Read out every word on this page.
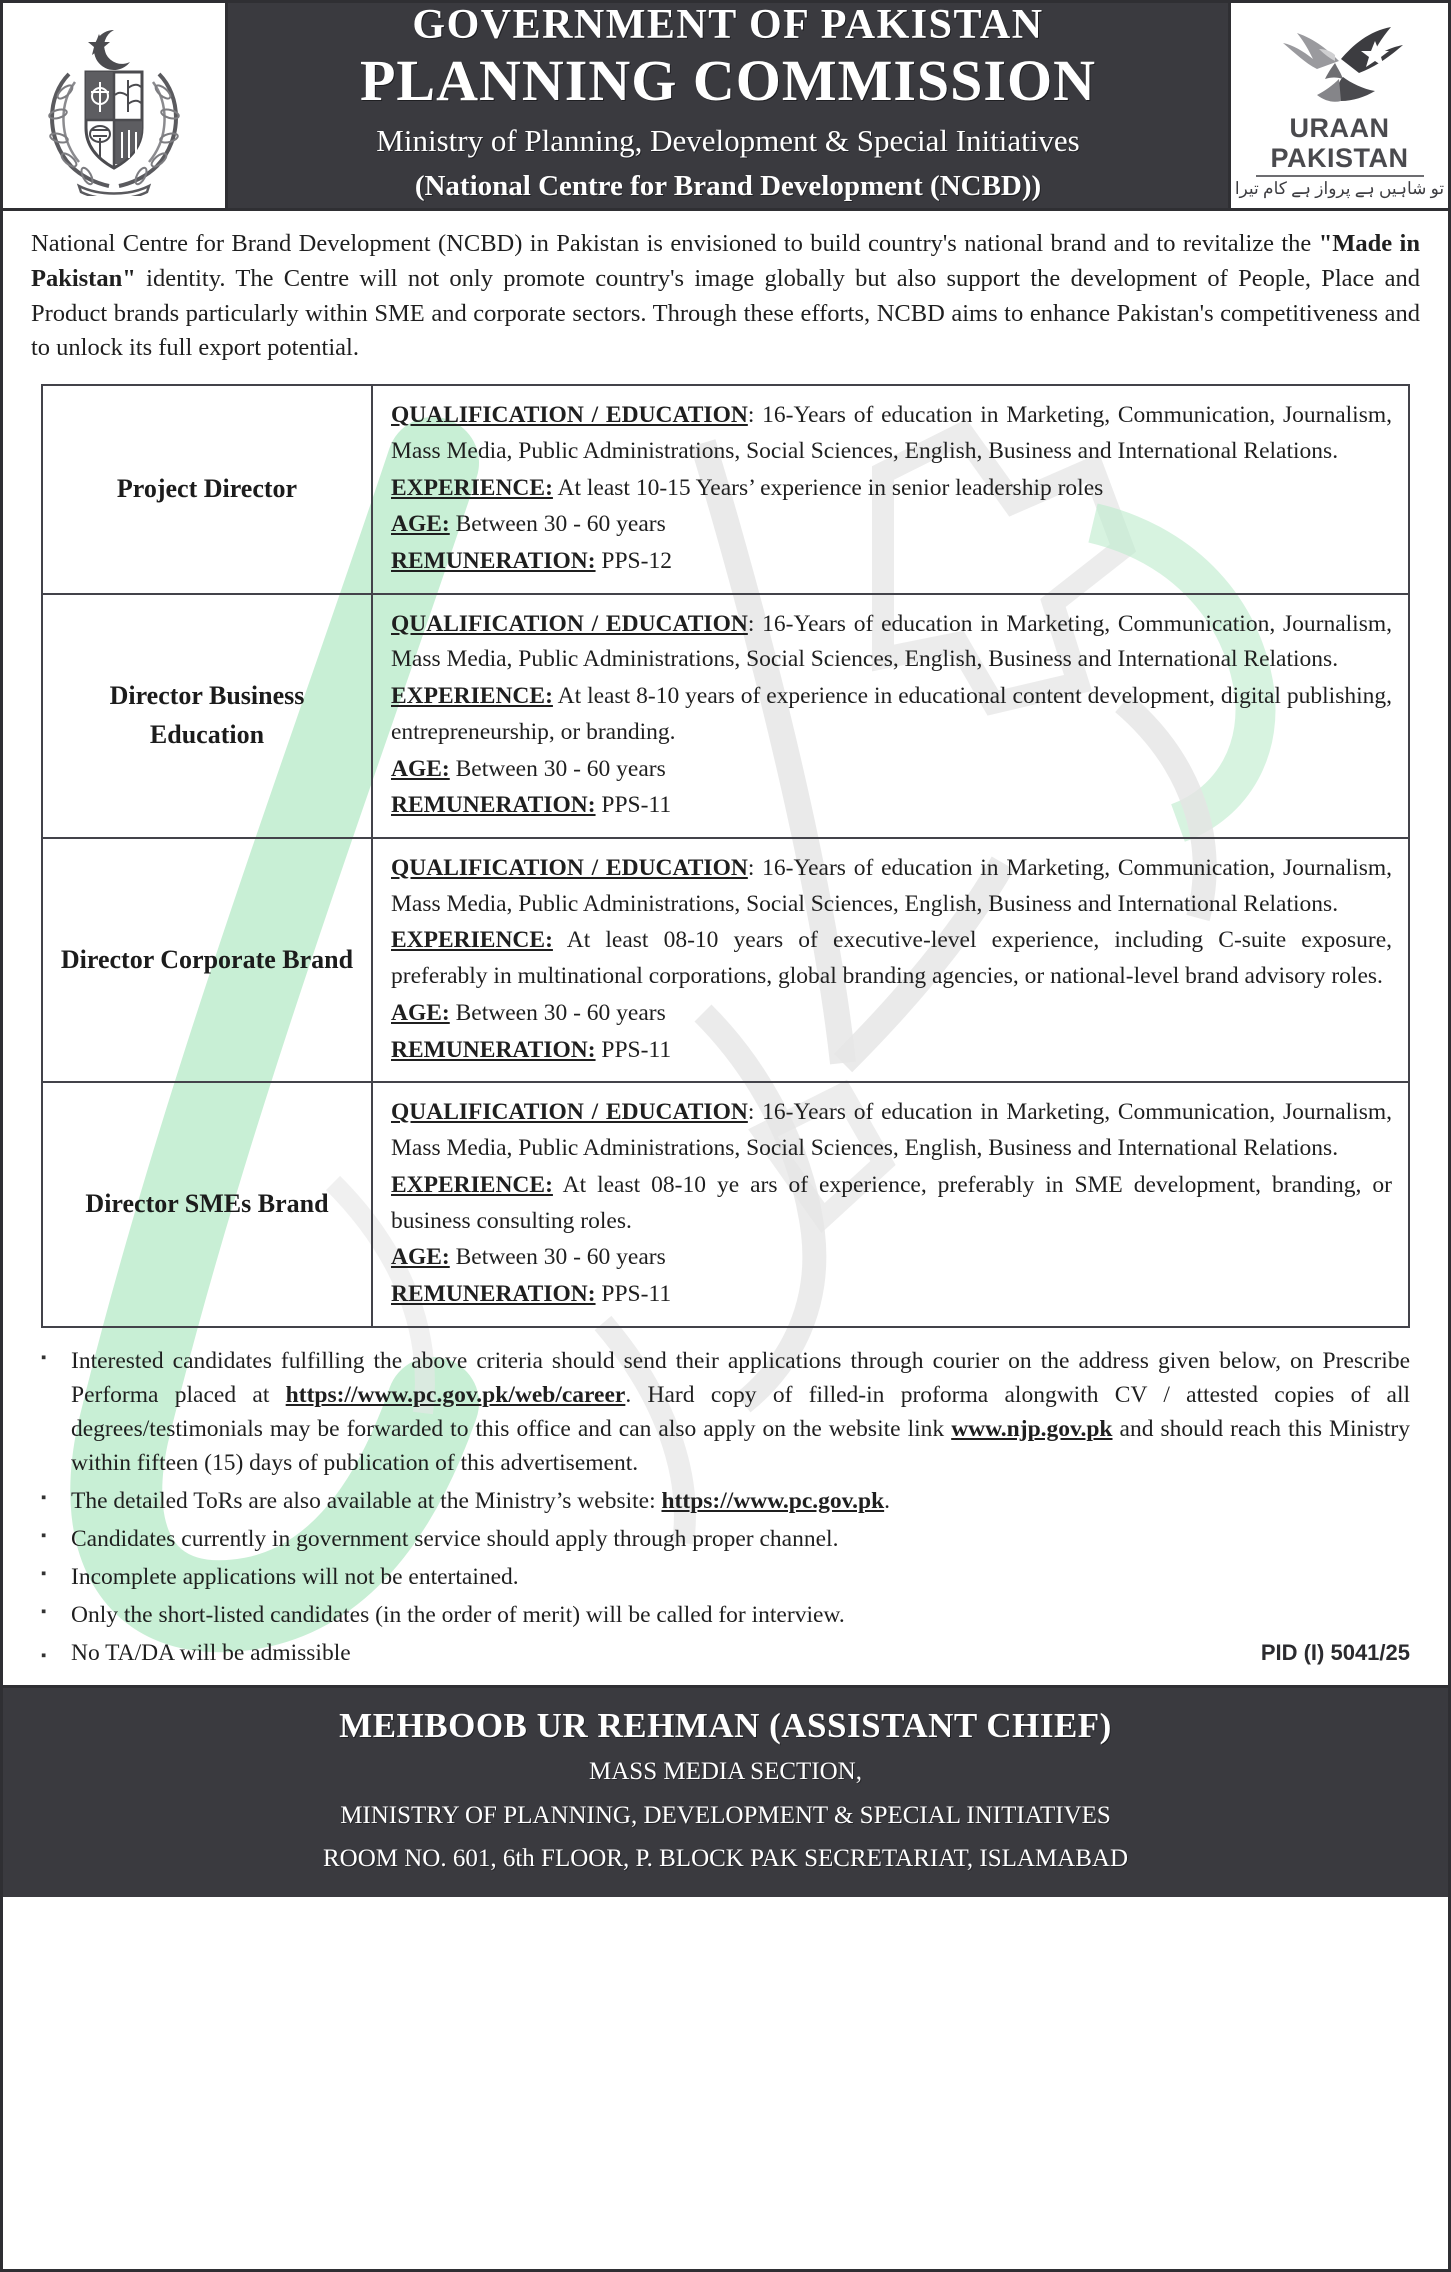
GOVERNMENT OF PAKISTAN
PLANNING COMMISSION
Ministry of Planning, Development & Special Initiatives
(National Centre for Brand Development (NCBD))
URAAN
PAKISTAN
تو شاہیں ہے پرواز ہے کام تیرا
National Centre for Brand Development (NCBD) in Pakistan is envisioned to build country's national brand and to revitalize the "Made in Pakistan" identity. The Centre will not only promote country's image globally but also support the development of People, Place and Product brands particularly within SME and corporate sectors. Through these efforts, NCBD aims to enhance Pakistan's competitiveness and to unlock its full export potential.
Project Director	QUALIFICATION / EDUCATION: 16-Years of education in Marketing, Communication, Journalism, Mass Media, Public Administrations, Social Sciences, English, Business and International Relations.

EXPERIENCE: At least 10-15 Years’ experience in senior leadership roles

AGE: Between 30 - 60 years

REMUNERATION: PPS-12

Director Business Education	QUALIFICATION / EDUCATION: 16-Years of education in Marketing, Communication, Journalism, Mass Media, Public Administrations, Social Sciences, English, Business and International Relations.

EXPERIENCE: At least 8-10 years of experience in educational content development, digital publishing, entrepreneurship, or branding.

AGE: Between 30 - 60 years

REMUNERATION: PPS-11

Director Corporate Brand	QUALIFICATION / EDUCATION: 16-Years of education in Marketing, Communication, Journalism, Mass Media, Public Administrations, Social Sciences, English, Business and International Relations.

EXPERIENCE: At least 08-10 years of executive-level experience, including C-suite exposure, preferably in multinational corporations, global branding agencies, or national-level brand advisory roles.

AGE: Between 30 - 60 years

REMUNERATION: PPS-11

Director SMEs Brand	QUALIFICATION / EDUCATION: 16-Years of education in Marketing, Communication, Journalism, Mass Media, Public Administrations, Social Sciences, English, Business and International Relations.

EXPERIENCE: At least 08-10 ye ars of experience, preferably in SME development, branding, or business consulting roles.

AGE: Between 30 - 60 years

REMUNERATION: PPS-11

▪	Interested candidates fulfilling the above criteria should send their applications through courier on the address given below, on Prescribe Performa placed at https://www.pc.gov.pk/web/career. Hard copy of filled-in proforma alongwith CV / attested copies of all degrees/testimonials may be forwarded to this office and can also apply on the website link www.njp.gov.pk and should reach this Ministry within fifteen (15) days of publication of this advertisement.
▪	The detailed ToRs are also available at the Ministry’s website: https://www.pc.gov.pk.
▪	Candidates currently in government service should apply through proper channel.
▪	Incomplete applications will not be entertained.
▪	Only the short-listed candidates (in the order of merit) will be called for interview.
▪	No TA/DA will be admissible	PID (I) 5041/25
MEHBOOB UR REHMAN (ASSISTANT CHIEF)
MASS MEDIA SECTION,
MINISTRY OF PLANNING, DEVELOPMENT & SPECIAL INITIATIVES
ROOM NO. 601, 6th FLOOR, P. BLOCK PAK SECRETARIAT, ISLAMABAD
